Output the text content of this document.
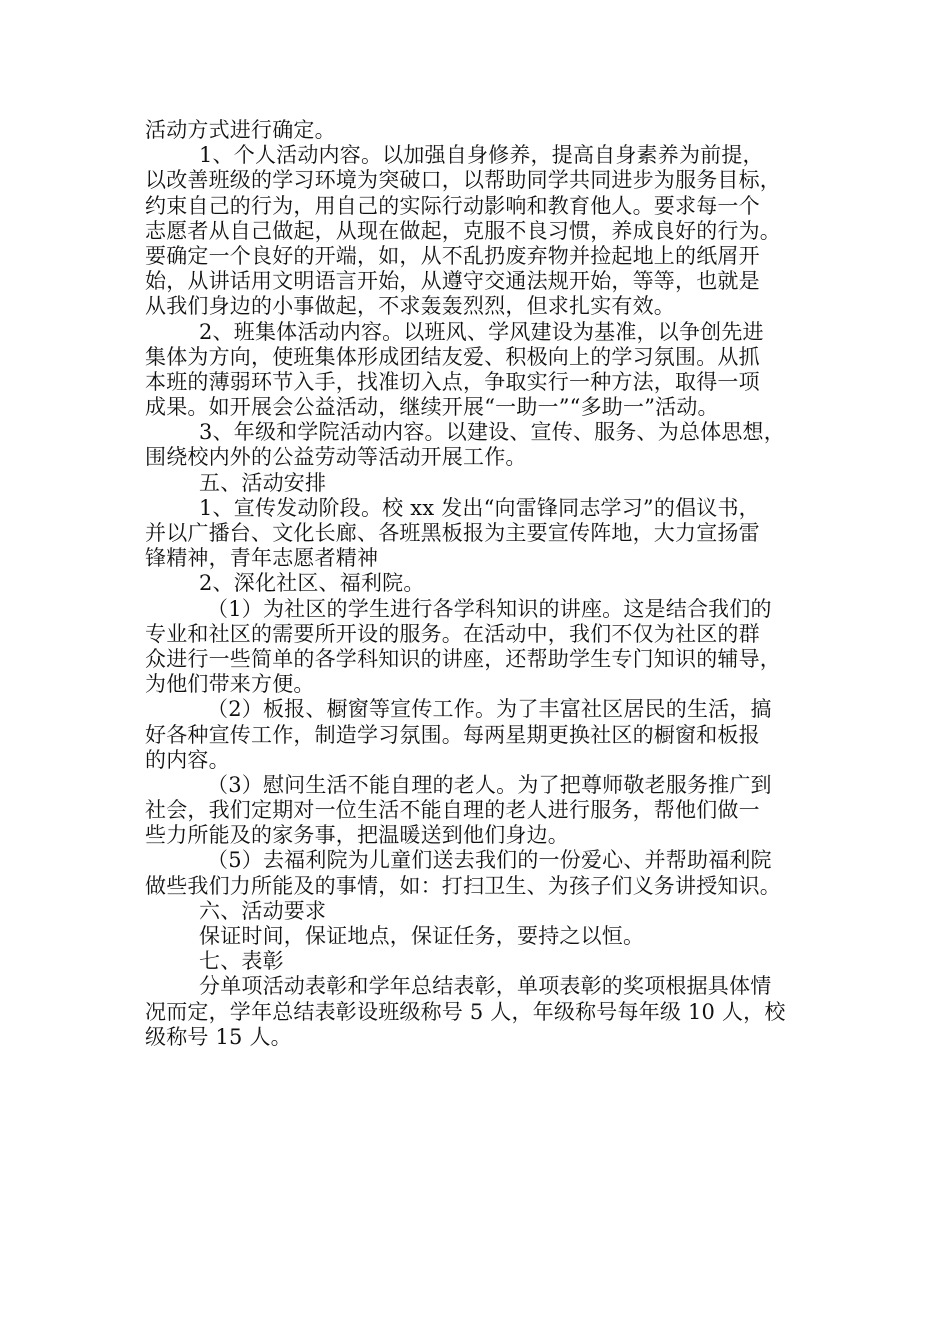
活动方式进行确定。
1、个人活动内容。以加强自身修养，提高自身素养为前提，
以改善班级的学习环境为突破口，以帮助同学共同进步为服务目标，
约束自己的行为，用自己的实际行动影响和教育他人。要求每一个
志愿者从自己做起，从现在做起，克服不良习惯，养成良好的行为。
要确定一个良好的开端，如，从不乱扔废弃物并捡起地上的纸屑开
始，从讲话用文明语言开始，从遵守交通法规开始，等等，也就是
从我们身边的小事做起，不求轰轰烈烈，但求扎实有效。
2、班集体活动内容。以班风、学风建设为基准，以争创先进
集体为方向，使班集体形成团结友爱、积极向上的学习氛围。从抓
本班的薄弱环节入手，找准切入点，争取实行一种方法，取得一项
成果。如开展会公益活动，继续开展“一助一”“多助一”活动。
3、年级和学院活动内容。以建设、宣传、服务、为总体思想，
围绕校内外的公益劳动等活动开展工作。
五、活动安排
1、宣传发动阶段。校 xx 发出“向雷锋同志学习”的倡议书，
并以广播台、文化长廊、各班黑板报为主要宣传阵地，大力宣扬雷
锋精神，青年志愿者精神
2、深化社区、福利院。
（1）为社区的学生进行各学科知识的讲座。这是结合我们的
专业和社区的需要所开设的服务。在活动中，我们不仅为社区的群
众进行一些简单的各学科知识的讲座，还帮助学生专门知识的辅导，
为他们带来方便。
（2）板报、橱窗等宣传工作。为了丰富社区居民的生活，搞
好各种宣传工作，制造学习氛围。每两星期更换社区的橱窗和板报
的内容。
（3）慰问生活不能自理的老人。为了把尊师敬老服务推广到
社会，我们定期对一位生活不能自理的老人进行服务，帮他们做一
些力所能及的家务事，把温暖送到他们身边。
（5）去福利院为儿童们送去我们的一份爱心、并帮助福利院
做些我们力所能及的事情，如：打扫卫生、为孩子们义务讲授知识。
六、活动要求
保证时间，保证地点，保证任务，要持之以恒。
七、表彰
分单项活动表彰和学年总结表彰，单项表彰的奖项根据具体情
况而定，学年总结表彰设班级称号 5 人，年级称号每年级 10 人，校
级称号 15 人。
